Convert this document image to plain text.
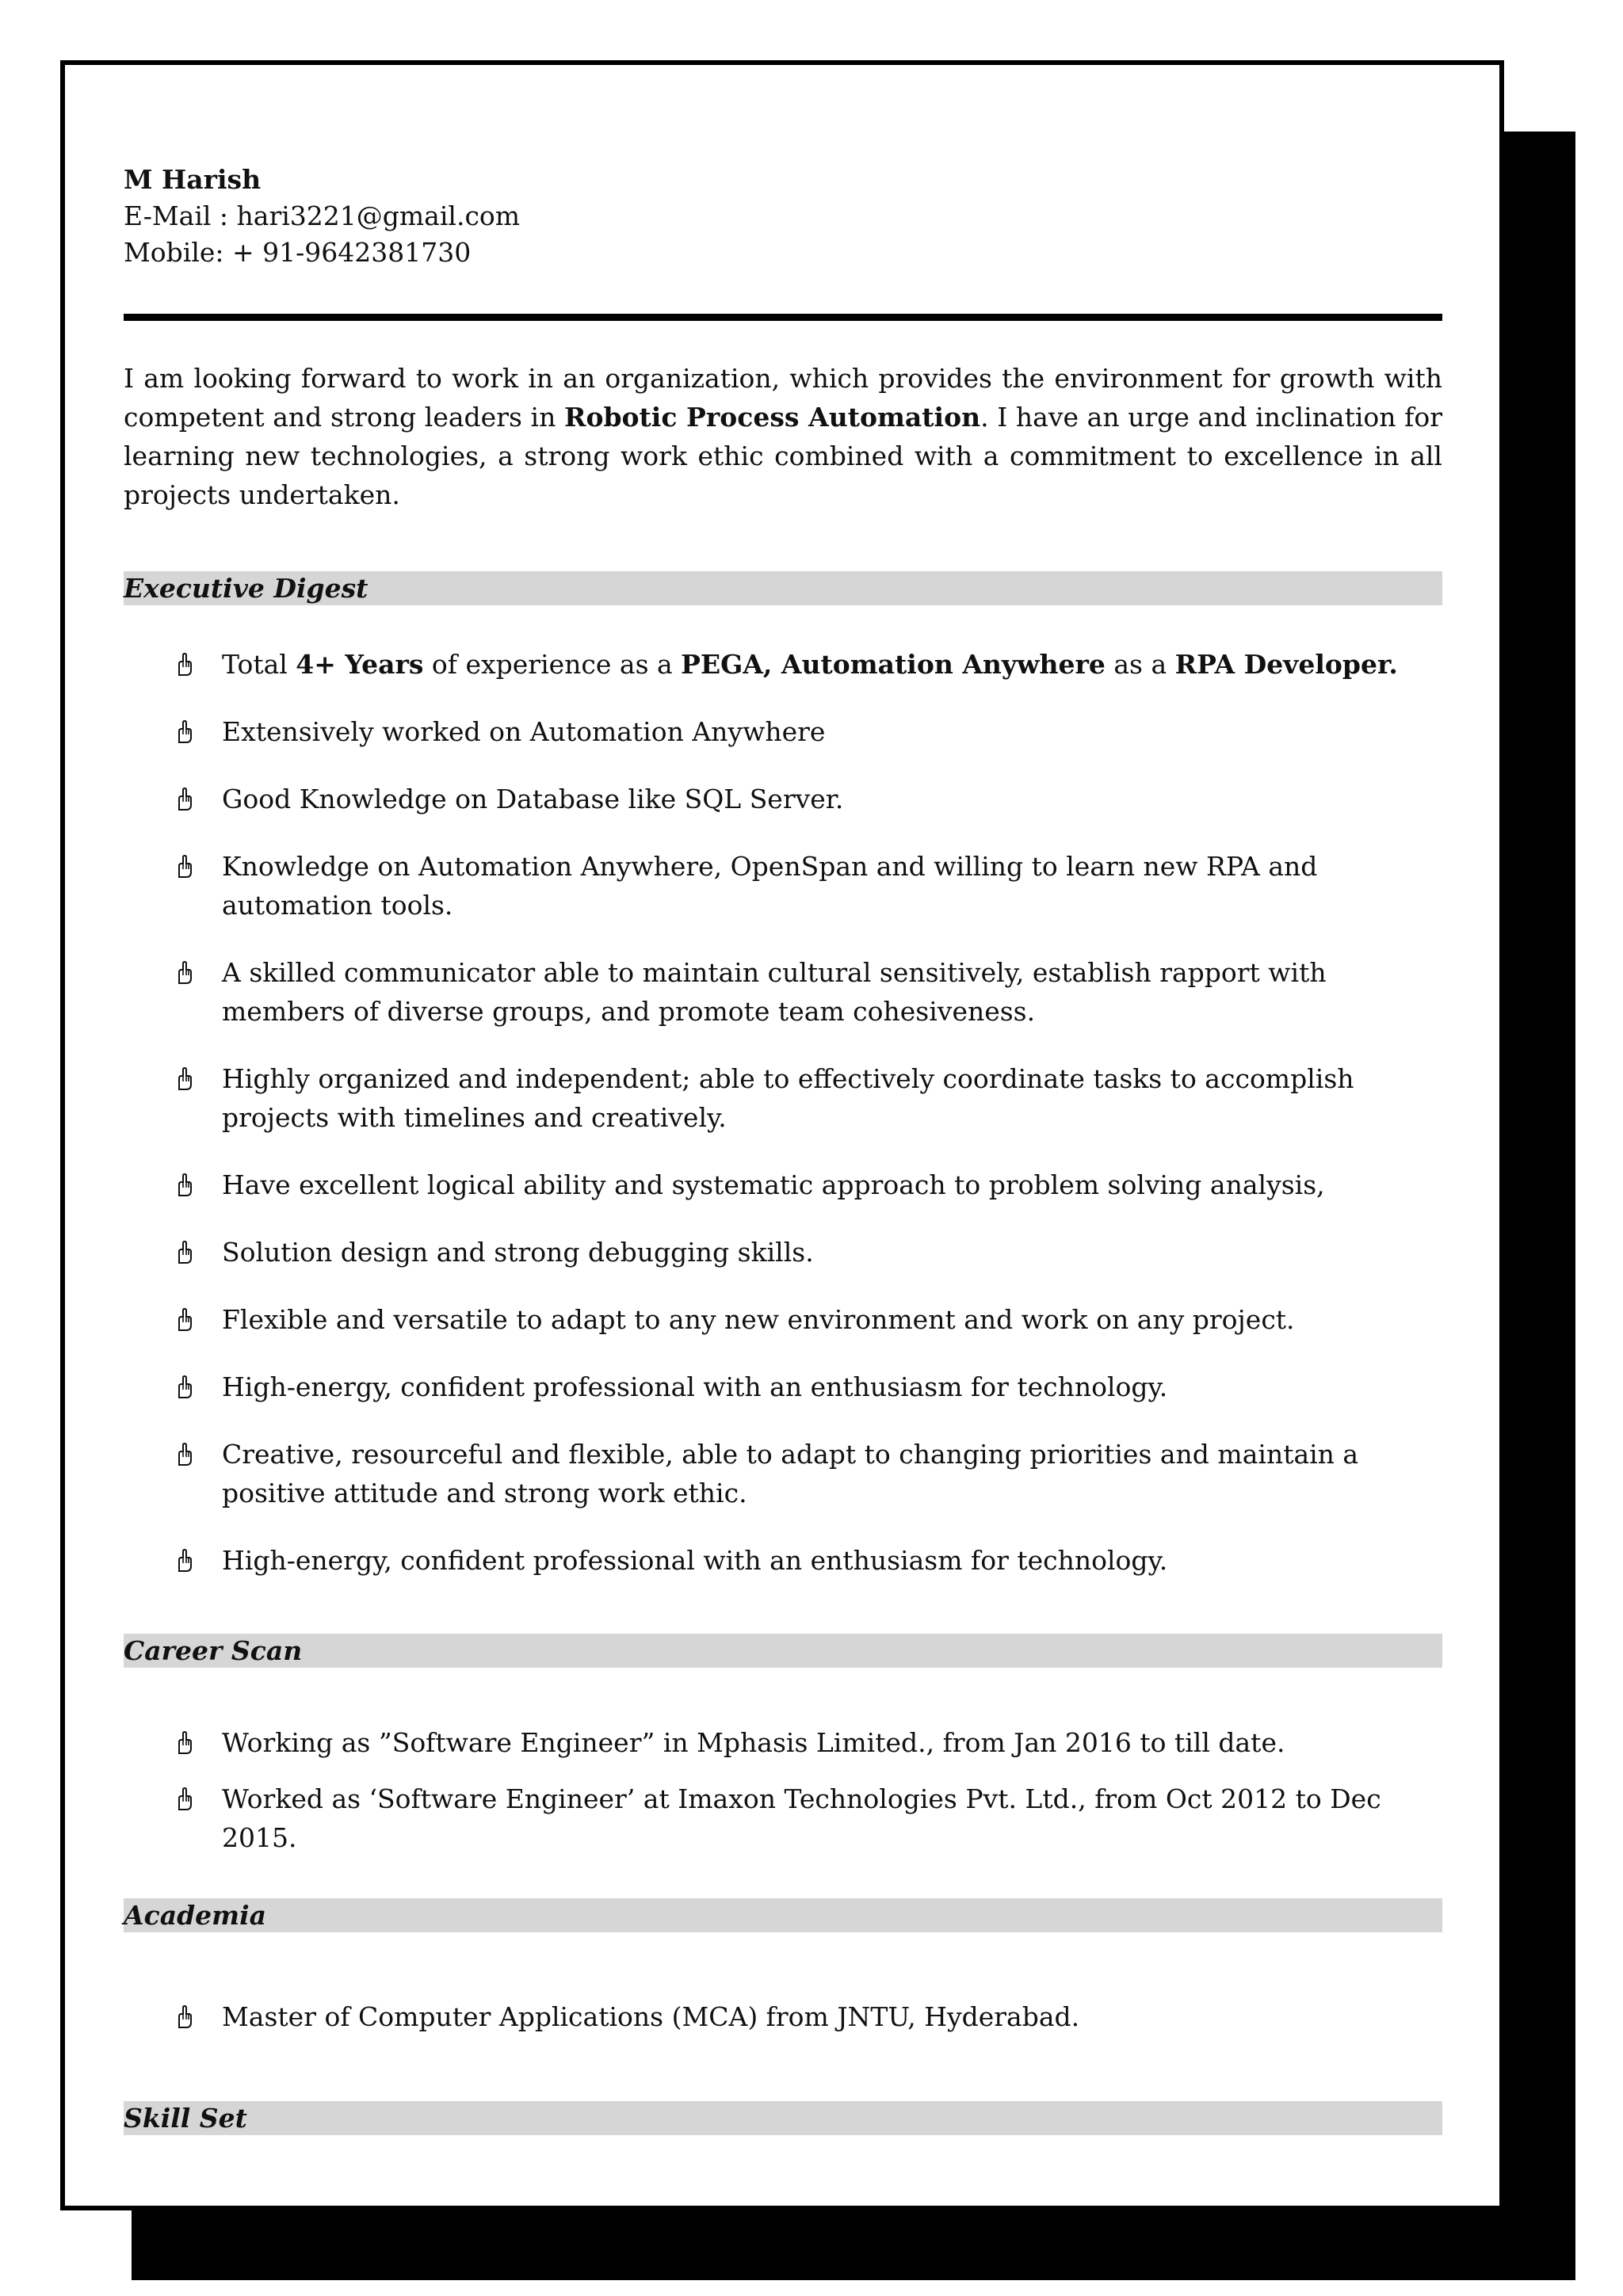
M Harish
E-Mail : hari3221@gmail.com
Mobile: + 91-9642381730

I am looking forward to work in an organization, which provides the environment for growth with competent and strong leaders in Robotic Process Automation. I have an urge and inclination for learning new technologies, a strong work ethic combined with a commitment to excellence in all projects undertaken.

Executive Digest
Total 4+ Years of experience as a PEGA, Automation Anywhere as a RPA Developer.
Extensively worked on Automation Anywhere
Good Knowledge on Database like SQL Server.
Knowledge on Automation Anywhere, OpenSpan and willing to learn new RPA and automation tools.
A skilled communicator able to maintain cultural sensitively, establish rapport with members of diverse groups, and promote team cohesiveness.
Highly organized and independent; able to effectively coordinate tasks to accomplish projects with timelines and creatively.
Have excellent logical ability and systematic approach to problem solving analysis,
Solution design and strong debugging skills.
Flexible and versatile to adapt to any new environment and work on any project.
High-energy, confident professional with an enthusiasm for technology.
Creative, resourceful and flexible, able to adapt to changing priorities and maintain a positive attitude and strong work ethic.
High-energy, confident professional with an enthusiasm for technology.
Career Scan
Working as ”Software Engineer” in Mphasis Limited., from Jan 2016 to till date.
Worked as ‘Software Engineer’ at Imaxon Technologies Pvt. Ltd., from Oct 2012 to Dec 2015.
Academia
Master of Computer Applications (MCA) from JNTU, Hyderabad.
Skill Set
